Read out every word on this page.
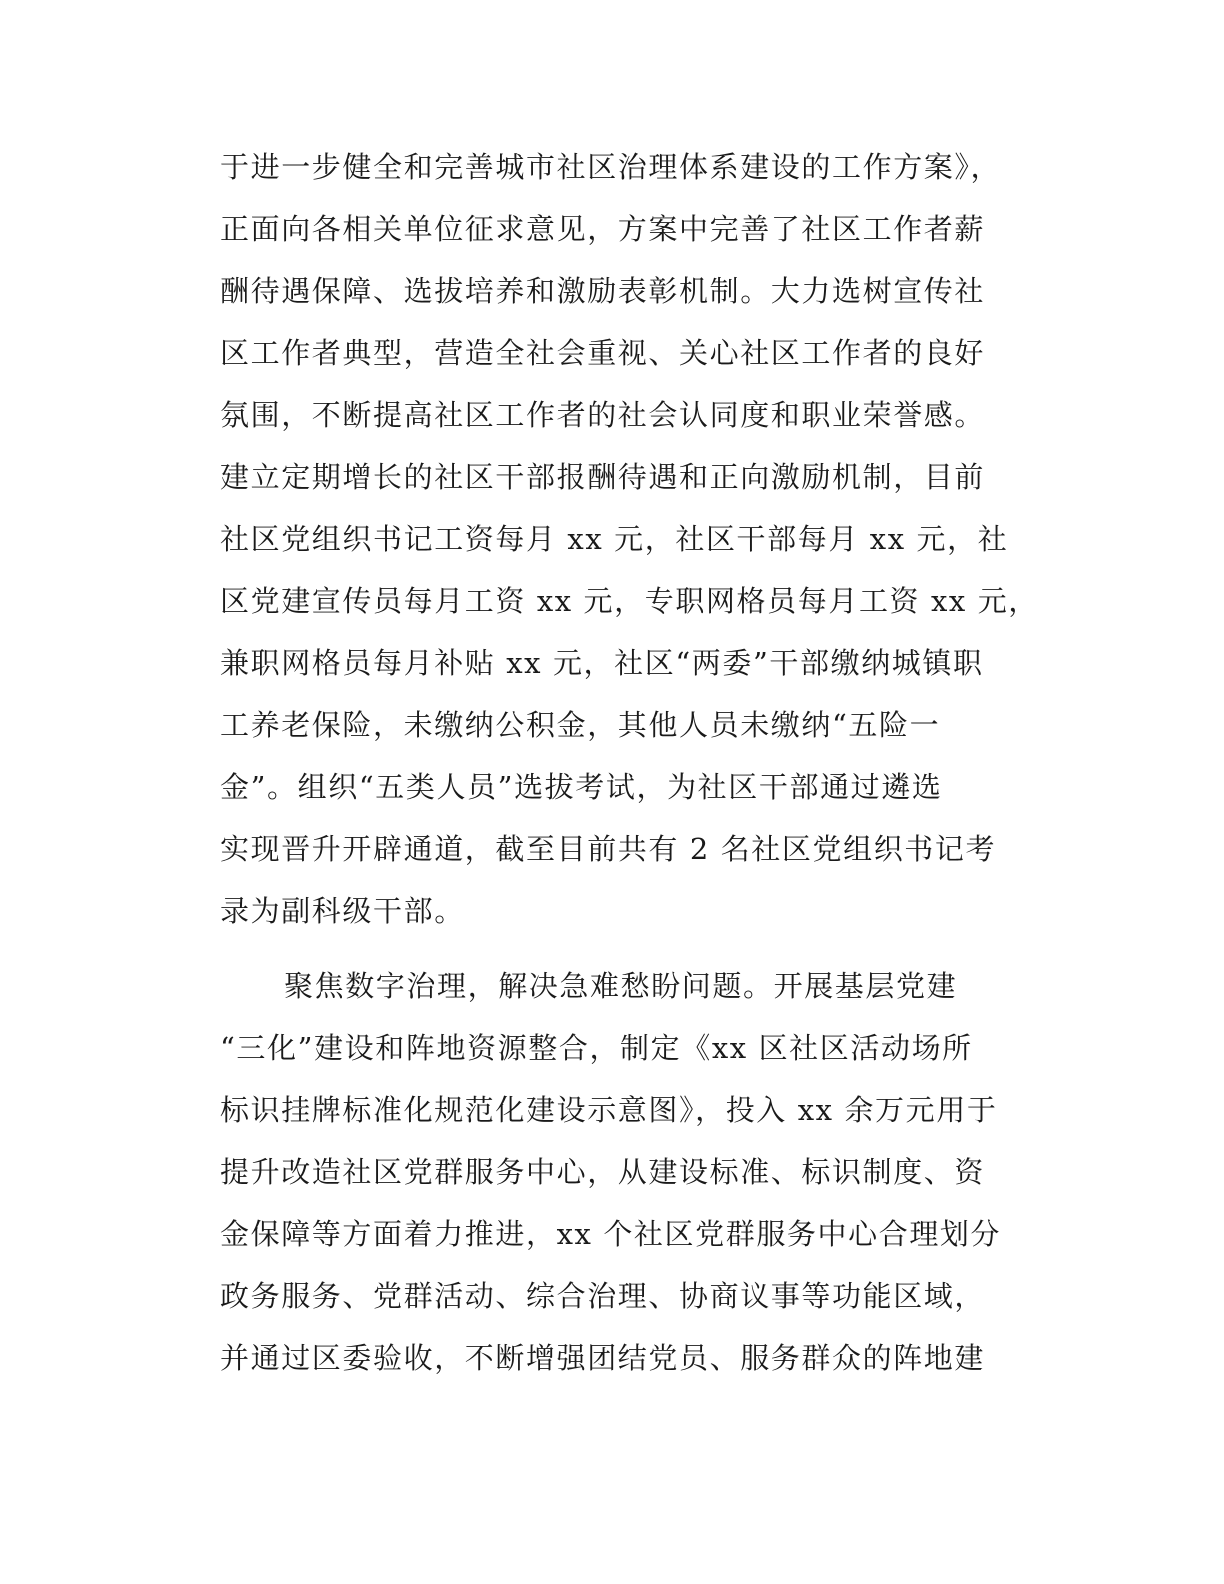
于进一步健全和完善城市社区治理体系建设的工作方案》，
正面向各相关单位征求意见，方案中完善了社区工作者薪
酬待遇保障、选拔培养和激励表彰机制。大力选树宣传社
区工作者典型，营造全社会重视、关心社区工作者的良好
氛围，不断提高社区工作者的社会认同度和职业荣誉感。
建立定期增长的社区干部报酬待遇和正向激励机制，目前
社区党组织书记工资每月 xx 元，社区干部每月 xx 元，社
区党建宣传员每月工资 xx 元，专职网格员每月工资 xx 元，
兼职网格员每月补贴 xx 元，社区“两委”干部缴纳城镇职
工养老保险，未缴纳公积金，其他人员未缴纳“五险一
金”。组织“五类人员”选拔考试，为社区干部通过遴选
实现晋升开辟通道，截至目前共有 2 名社区党组织书记考
录为副科级干部。
聚焦数字治理，解决急难愁盼问题。开展基层党建
“三化”建设和阵地资源整合，制定《xx 区社区活动场所
标识挂牌标准化规范化建设示意图》，投入 xx 余万元用于
提升改造社区党群服务中心，从建设标准、标识制度、资
金保障等方面着力推进，xx 个社区党群服务中心合理划分
政务服务、党群活动、综合治理、协商议事等功能区域，
并通过区委验收，不断增强团结党员、服务群众的阵地建
